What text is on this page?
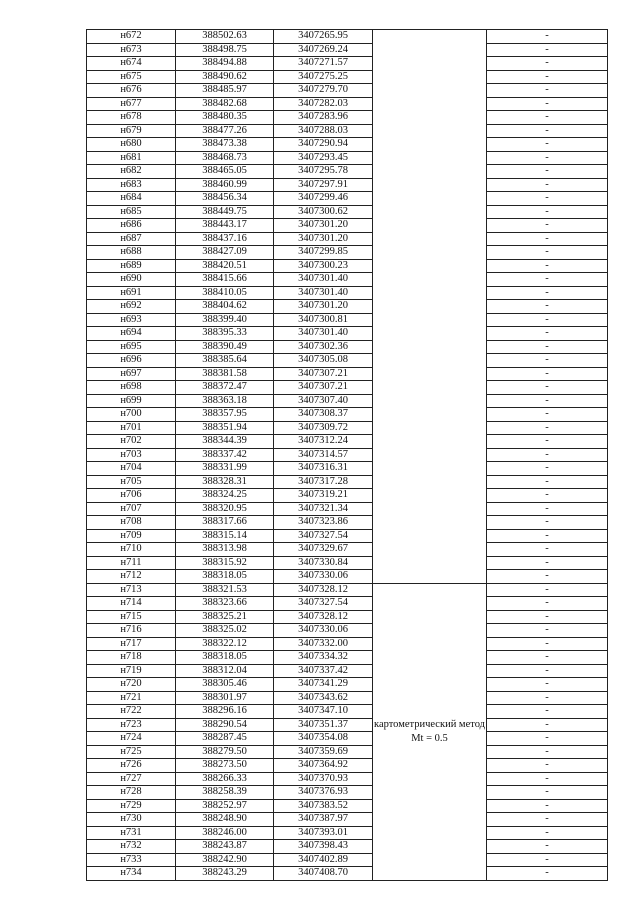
н672	388502.63	3407265.95		-
н673	388498.75	3407269.24		-
н674	388494.88	3407271.57		-
н675	388490.62	3407275.25		-
н676	388485.97	3407279.70		-
н677	388482.68	3407282.03		-
н678	388480.35	3407283.96		-
н679	388477.26	3407288.03		-
н680	388473.38	3407290.94		-
н681	388468.73	3407293.45		-
н682	388465.05	3407295.78		-
н683	388460.99	3407297.91		-
н684	388456.34	3407299.46		-
н685	388449.75	3407300.62		-
н686	388443.17	3407301.20		-
н687	388437.16	3407301.20		-
н688	388427.09	3407299.85		-
н689	388420.51	3407300.23		-
н690	388415.66	3407301.40		-
н691	388410.05	3407301.40		-
н692	388404.62	3407301.20		-
н693	388399.40	3407300.81		-
н694	388395.33	3407301.40		-
н695	388390.49	3407302.36		-
н696	388385.64	3407305.08		-
н697	388381.58	3407307.21		-
н698	388372.47	3407307.21		-
н699	388363.18	3407307.40		-
н700	388357.95	3407308.37		-
н701	388351.94	3407309.72		-
н702	388344.39	3407312.24		-
н703	388337.42	3407314.57		-
н704	388331.99	3407316.31		-
н705	388328.31	3407317.28		-
н706	388324.25	3407319.21		-
н707	388320.95	3407321.34		-
н708	388317.66	3407323.86		-
н709	388315.14	3407327.54		-
н710	388313.98	3407329.67		-
н711	388315.92	3407330.84		-
н712	388318.05	3407330.06		-
н713	388321.53	3407328.12	картометрический метод Mt = 0.5	-
н714	388323.66	3407327.54		-
н715	388325.21	3407328.12		-
н716	388325.02	3407330.06		-
н717	388322.12	3407332.00		-
н718	388318.05	3407334.32		-
н719	388312.04	3407337.42		-
н720	388305.46	3407341.29		-
н721	388301.97	3407343.62		-
н722	388296.16	3407347.10		-
н723	388290.54	3407351.37		-
н724	388287.45	3407354.08		-
н725	388279.50	3407359.69		-
н726	388273.50	3407364.92		-
н727	388266.33	3407370.93		-
н728	388258.39	3407376.93		-
н729	388252.97	3407383.52		-
н730	388248.90	3407387.97		-
н731	388246.00	3407393.01		-
н732	388243.87	3407398.43		-
н733	388242.90	3407402.89		-
н734	388243.29	3407408.70		-
